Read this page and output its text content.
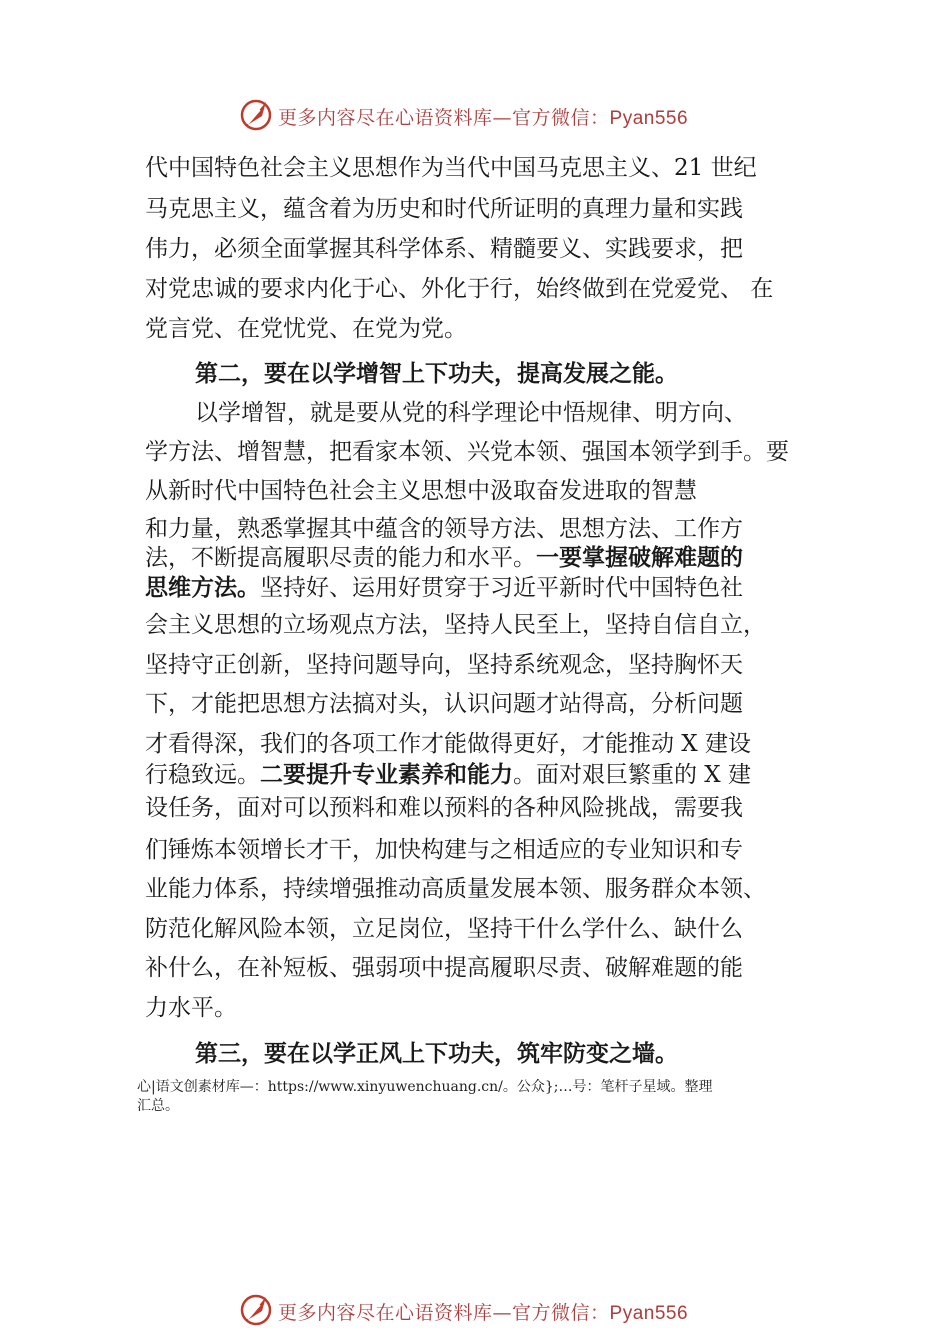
更多内容尽在心语资料库—官方微信：Pyan556
代中国特色社会主义思想作为当代中国马克思主义、21 世纪
马克思主义，蕴含着为历史和时代所证明的真理力量和实践
伟力，必须全面掌握其科学体系、精髓要义、实践要求，把
对党忠诚的要求内化于心、外化于行，始终做到在党爱党、 在
党言党、在党忧党、在党为党。
第二，要在以学增智上下功夫，提高发展之能。
以学增智，就是要从党的科学理论中悟规律、明方向、
学方法、增智慧，把看家本领、兴党本领、强国本领学到手。要
从新时代中国特色社会主义思想中汲取奋发进取的智慧
和力量，熟悉掌握其中蕴含的领导方法、思想方法、工作方
法，不断提高履职尽责的能力和水平。一要掌握破解难题的
思维方法。坚持好、运用好贯穿于习近平新时代中国特色社
会主义思想的立场观点方法，坚持人民至上，坚持自信自立，
坚持守正创新，坚持问题导向，坚持系统观念，坚持胸怀天
下，才能把思想方法搞对头，认识问题才站得高，分析问题
才看得深，我们的各项工作才能做得更好，才能推动 X 建设
行稳致远。二要提升专业素养和能力。面对艰巨繁重的 X 建
设任务，面对可以预料和难以预料的各种风险挑战，需要我
们锤炼本领增长才干，加快构建与之相适应的专业知识和专
业能力体系，持续增强推动高质量发展本领、服务群众本领、
防范化解风险本领，立足岗位，坚持干什么学什么、缺什么
补什么，在补短板、强弱项中提高履职尽责、破解难题的能
力水平。
第三，要在以学正风上下功夫，筑牢防变之墙。
心|语文创素材库—：https://www.xinyuwenchuang.cn/。公众};…号：笔杆子星域。整理
汇总。
更多内容尽在心语资料库—官方微信：Pyan556
